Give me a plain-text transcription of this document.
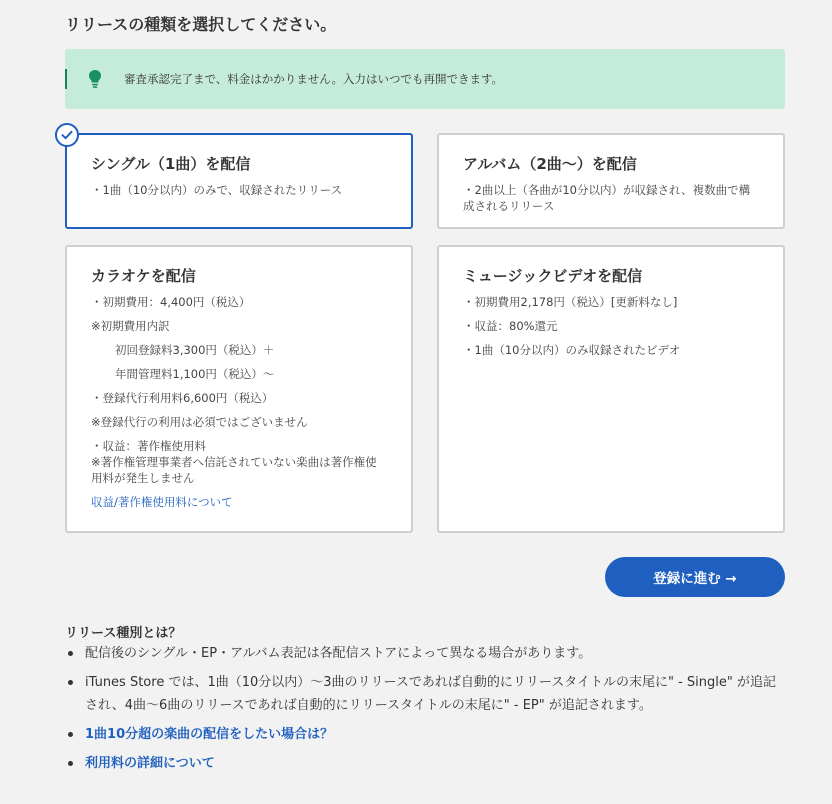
リリースの種類を選択してください。
審査承認完了まで、料金はかかりません。入力はいつでも再開できます。
シングル（1曲）を配信
・1曲（10分以内）のみで、収録されたリリース
アルバム（2曲～）を配信
・2曲以上（各曲が10分以内）が収録され、複数曲で構成されるリリース
カラオケを配信
・初期費用：4,400円（税込）
※初期費用内訳
初回登録料3,300円（税込）＋
年間管理料1,100円（税込）～
・登録代行利用料6,600円（税込）
※登録代行の利用は必須ではございません
・収益：著作権使用料
※著作権管理事業者へ信託されていない楽曲は著作権使用料が発生しません
収益/著作権使用料について
ミュージックビデオを配信
・初期費用2,178円（税込）[更新料なし]
・収益：80%還元
・1曲（10分以内）のみ収録されたビデオ
登録に進む →
リリース種別とは？
配信後のシングル・EP・アルバム表記は各配信ストアによって異なる場合があります。
iTunes Store では、1曲（10分以内）〜3曲のリリースであれば自動的にリリースタイトルの末尾に" - Single" が追記され、4曲〜6曲のリリースであれば自動的にリリースタイトルの末尾に" - EP" が追記されます。
1曲10分超の楽曲の配信をしたい場合は？
利用料の詳細について
